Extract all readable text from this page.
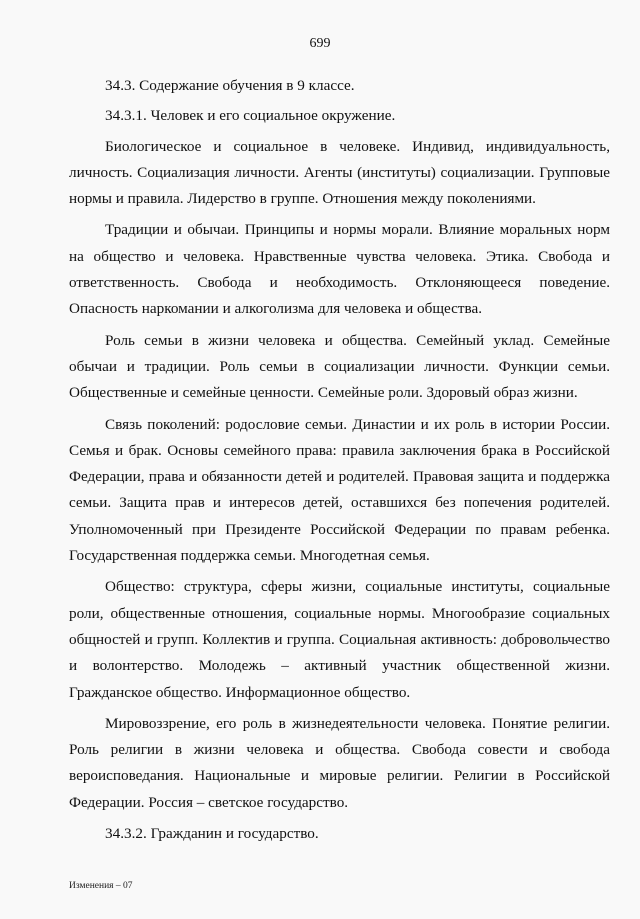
699

34.3. Содержание обучения в 9 классе.

34.3.1. Человек и его социальное окружение.

Биологическое и социальное в человеке. Индивид, индивидуальность, личность. Социализация личности. Агенты (институты) социализации. Групповые нормы и правила. Лидерство в группе. Отношения между поколениями.

Традиции и обычаи. Принципы и нормы морали. Влияние моральных норм на общество и человека. Нравственные чувства человека. Этика. Свобода и ответственность. Свобода и необходимость. Отклоняющееся поведение. Опасность наркомании и алкоголизма для человека и общества.

Роль семьи в жизни человека и общества. Семейный уклад. Семейные обычаи и традиции. Роль семьи в социализации личности. Функции семьи. Общественные и семейные ценности. Семейные роли. Здоровый образ жизни.

Связь поколений: родословие семьи. Династии и их роль в истории России. Семья и брак. Основы семейного права: правила заключения брака в Российской Федерации, права и обязанности детей и родителей. Правовая защита и поддержка семьи. Защита прав и интересов детей, оставшихся без попечения родителей. Уполномоченный при Президенте Российской Федерации по правам ребенка. Государственная поддержка семьи. Многодетная семья.

Общество: структура, сферы жизни, социальные институты, социальные роли, общественные отношения, социальные нормы. Многообразие социальных общностей и групп. Коллектив и группа. Социальная активность: добровольчество и волонтерство. Молодежь – активный участник общественной жизни. Гражданское общество. Информационное общество.

Мировоззрение, его роль в жизнедеятельности человека. Понятие религии. Роль религии в жизни человека и общества. Свобода совести и свобода вероисповедания. Национальные и мировые религии. Религии в Российской Федерации. Россия – светское государство.

34.3.2. Гражданин и государство.

Изменения – 07
